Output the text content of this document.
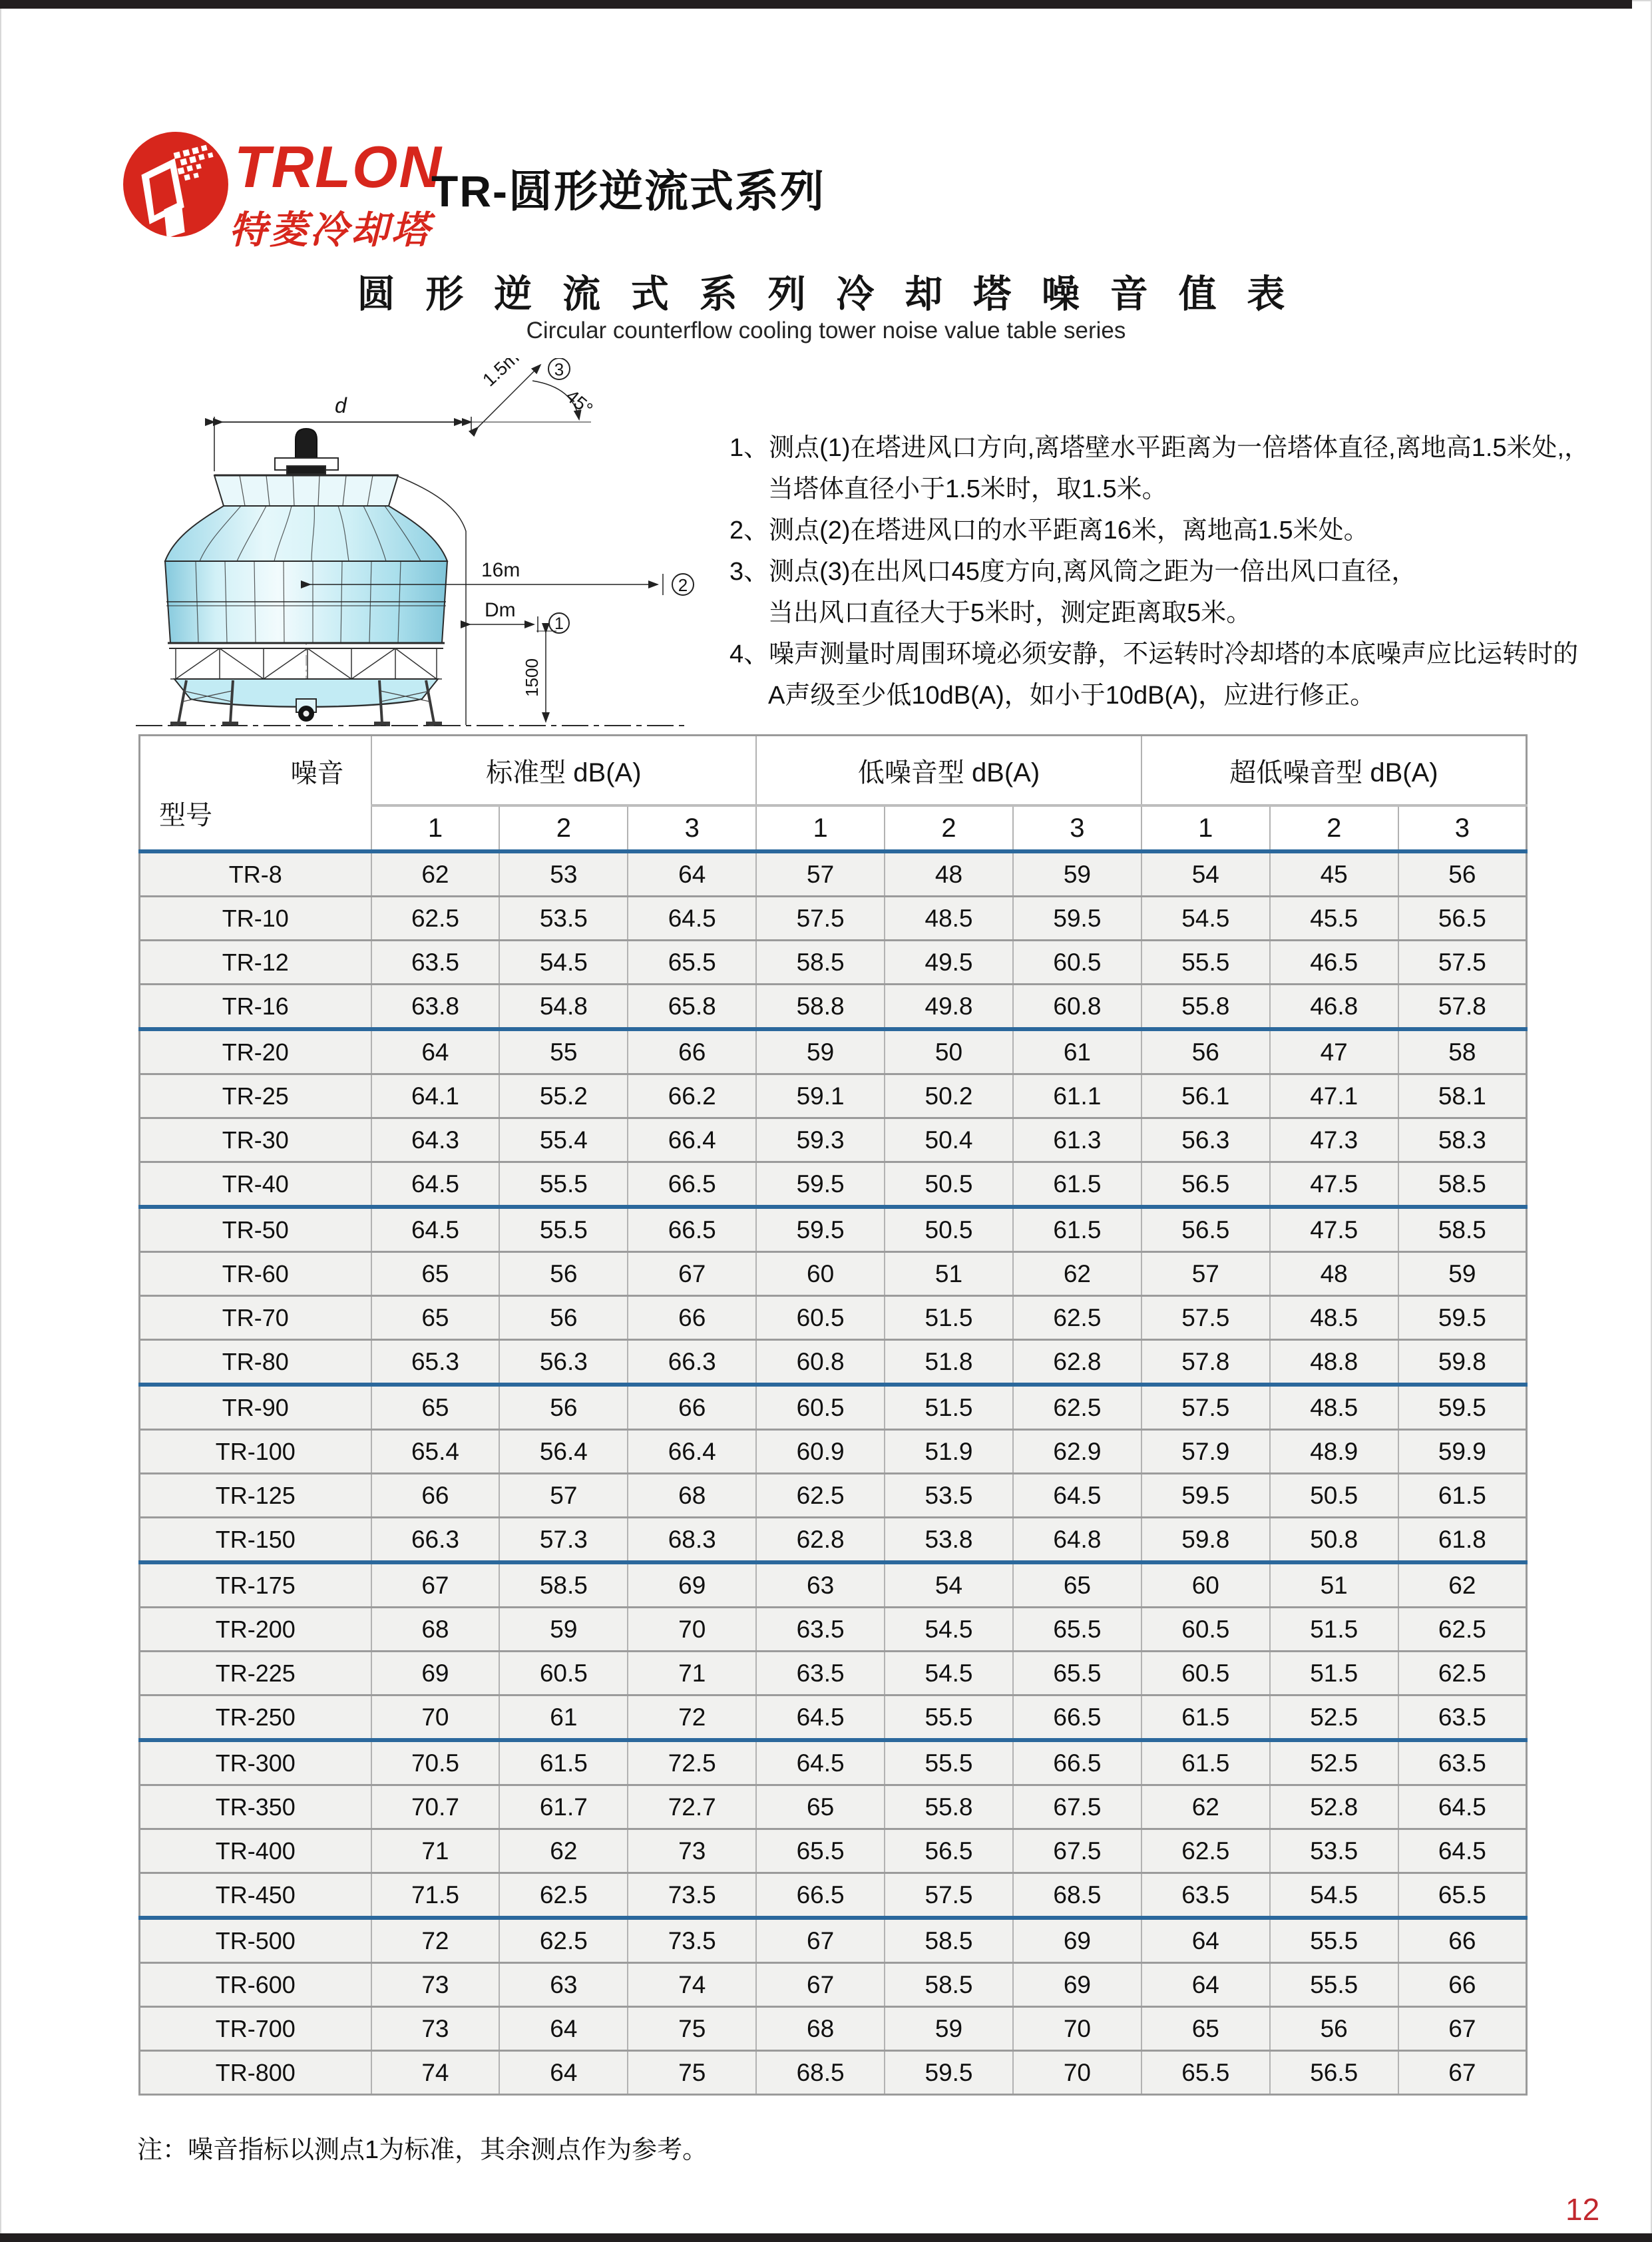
TRLON
特菱冷却塔
TR-圆形逆流式系列
圆 形 逆 流 式 系 列 冷 却 塔 噪 音 值 表
Circular counterflow cooling tower noise value table series
d
1.5m
45°
3
16m
2
Dm
1
1500
1、测点(1)在塔进风口方向,离塔壁水平距离为一倍塔体直径,离地高1.5米处,，
当塔体直径小于1.5米时，取1.5米。
2、测点(2)在塔进风口的水平距离16米，离地高1.5米处。
3、测点(3)在出风口45度方向,离风筒之距为一倍出风口直径，
当出风口直径大于5米时，测定距离取5米。
4、噪声测量时周围环境必须安静，不运转时冷却塔的本底噪声应比运转时的
A声级至少低10dB(A)，如小于10dB(A)，应进行修正。
噪音
型号	标准型 dB(A)			低噪音型 dB(A)			超低噪音型 dB(A)		
	1	2	3	1	2	3	1	2	3
TR-8	62	53	64	57	48	59	54	45	56
TR-10	62.5	53.5	64.5	57.5	48.5	59.5	54.5	45.5	56.5
TR-12	63.5	54.5	65.5	58.5	49.5	60.5	55.5	46.5	57.5
TR-16	63.8	54.8	65.8	58.8	49.8	60.8	55.8	46.8	57.8
TR-20	64	55	66	59	50	61	56	47	58
TR-25	64.1	55.2	66.2	59.1	50.2	61.1	56.1	47.1	58.1
TR-30	64.3	55.4	66.4	59.3	50.4	61.3	56.3	47.3	58.3
TR-40	64.5	55.5	66.5	59.5	50.5	61.5	56.5	47.5	58.5
TR-50	64.5	55.5	66.5	59.5	50.5	61.5	56.5	47.5	58.5
TR-60	65	56	67	60	51	62	57	48	59
TR-70	65	56	66	60.5	51.5	62.5	57.5	48.5	59.5
TR-80	65.3	56.3	66.3	60.8	51.8	62.8	57.8	48.8	59.8
TR-90	65	56	66	60.5	51.5	62.5	57.5	48.5	59.5
TR-100	65.4	56.4	66.4	60.9	51.9	62.9	57.9	48.9	59.9
TR-125	66	57	68	62.5	53.5	64.5	59.5	50.5	61.5
TR-150	66.3	57.3	68.3	62.8	53.8	64.8	59.8	50.8	61.8
TR-175	67	58.5	69	63	54	65	60	51	62
TR-200	68	59	70	63.5	54.5	65.5	60.5	51.5	62.5
TR-225	69	60.5	71	63.5	54.5	65.5	60.5	51.5	62.5
TR-250	70	61	72	64.5	55.5	66.5	61.5	52.5	63.5
TR-300	70.5	61.5	72.5	64.5	55.5	66.5	61.5	52.5	63.5
TR-350	70.7	61.7	72.7	65	55.8	67.5	62	52.8	64.5
TR-400	71	62	73	65.5	56.5	67.5	62.5	53.5	64.5
TR-450	71.5	62.5	73.5	66.5	57.5	68.5	63.5	54.5	65.5
TR-500	72	62.5	73.5	67	58.5	69	64	55.5	66
TR-600	73	63	74	67	58.5	69	64	55.5	66
TR-700	73	64	75	68	59	70	65	56	67
TR-800	74	64	75	68.5	59.5	70	65.5	56.5	67
注：噪音指标以测点1为标准，其余测点作为参考。
12
